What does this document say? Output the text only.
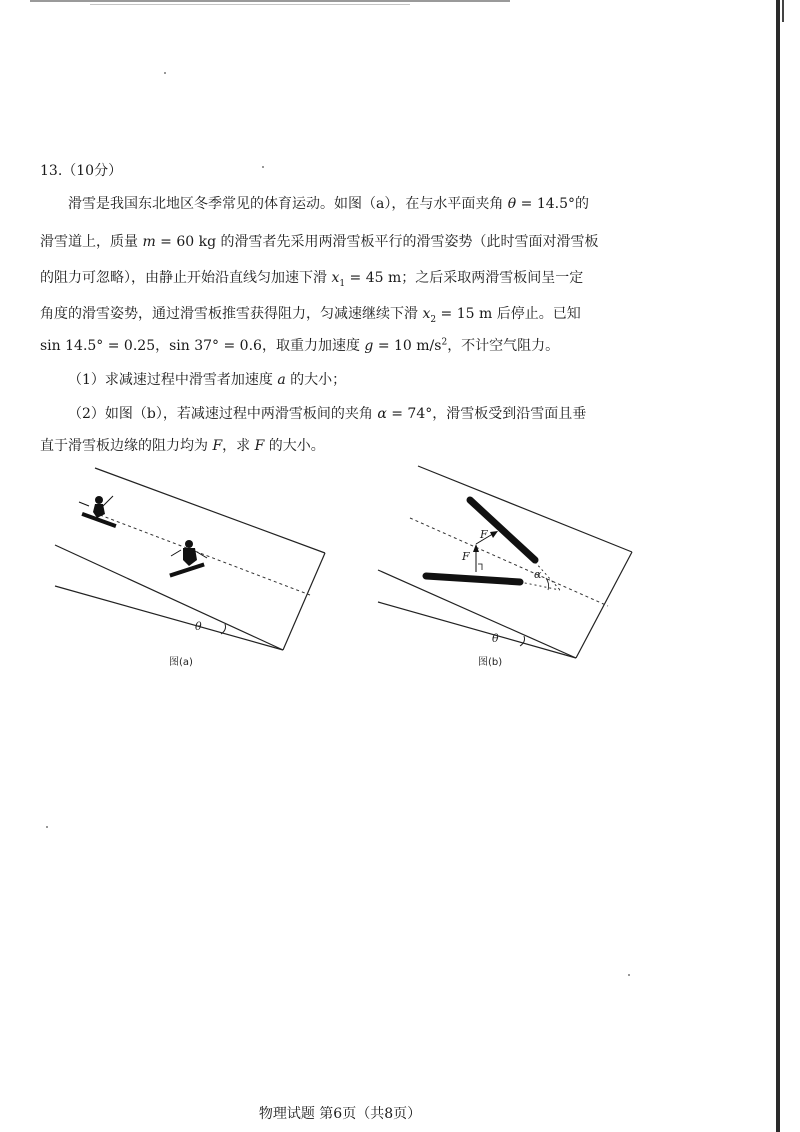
13.（10分）
滑雪是我国东北地区冬季常见的体育运动。如图（a），在与水平面夹角 θ = 14.5°的
滑雪道上，质量 m = 60 kg 的滑雪者先采用两滑雪板平行的滑雪姿势（此时雪面对滑雪板
的阻力可忽略），由静止开始沿直线匀加速下滑 $x_1 = 45$ m；之后采取两滑雪板间呈一定
角度的滑雪姿势，通过滑雪板推雪获得阻力，匀减速继续下滑 $x_2 = 15$ m 后停止。已知
sin 14.5° = 0.25，sin 37° = 0.6，取重力加速度 g = 10 $m/s^2$，不计空气阻力。
（1）求减速过程中滑雪者加速度 a 的大小；
（2）如图（b），若减速过程中两滑雪板间的夹角 α = 74°，滑雪板受到沿雪面且垂
直于滑雪板边缘的阻力均为 F，求 F 的大小。
θ
图(a)
F
F
α
θ
图(b)
物理试题 第6页（共8页）
